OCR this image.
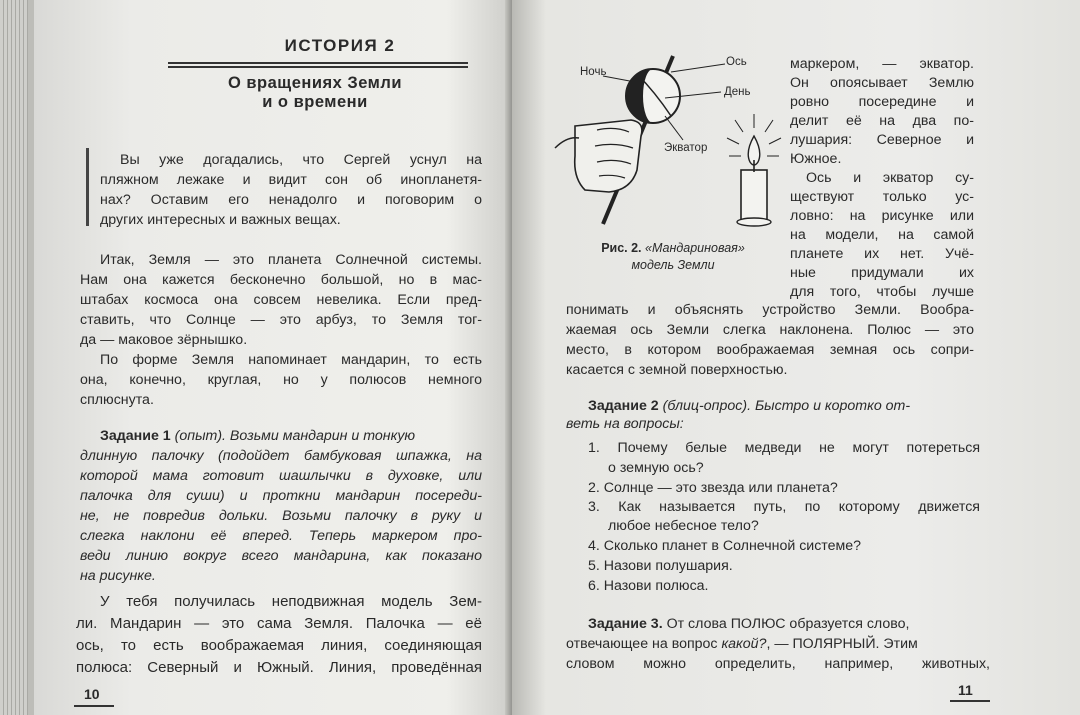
ИСТОРИЯ 2
О вращениях Земли
и о времени
Вы уже догадались, что Сергей уснул на
пляжном лежаке и видит сон об инопланетя-
нах? Оставим его ненадолго и поговорим о
других интересных и важных вещах.
Итак, Земля — это планета Солнечной системы.
Нам она кажется бесконечно большой, но в мас-
штабах космоса она совсем невелика. Если пред-
ставить, что Солнце — это арбуз, то Земля тог-
да — маковое зёрнышко.
По форме Земля напоминает мандарин, то есть
она, конечно, круглая, но у полюсов немного
сплюснута.
Задание 1 (опыт). Возьми мандарин и тонкую
длинную палочку (подойдет бамбуковая шпажка, на
которой мама готовит шашлычки в духовке, или
палочка для суши) и проткни мандарин посереди-
не, не повредив дольки. Возьми палочку в руку и
слегка наклони её вперед. Теперь маркером про-
веди линию вокруг всего мандарина, как показано
на рисунке.
У тебя получилась неподвижная модель Зем-
ли. Мандарин — это сама Земля. Палочка — её
ось, то есть воображаемая линия, соединяющая
полюса: Северный и Южный. Линия, проведённая
10
Ночь
Ось
День
Экватор
Рис. 2. «Мандариновая»
модель Земли
маркером, — экватор.
Он опоясывает Землю
ровно посередине и
делит её на два по-
лушария: Северное и
Южное.
Ось и экватор су-
ществуют только ус-
ловно: на рисунке или
на модели, на самой
планете их нет. Учё-
ные придумали их
для того, чтобы лучше
понимать и объяснять устройство Земли. Вообра-
жаемая ось Земли слегка наклонена. Полюс — это
место, в котором воображаемая земная ось сопри-
касается с земной поверхностью.
Задание 2 (блиц-опрос). Быстро и коротко от-
веть на вопросы:
1. Почему белые медведи не могут потереться
о земную ось?
2. Солнце — это звезда или планета?
3. Как называется путь, по которому движется
любое небесное тело?
4. Сколько планет в Солнечной системе?
5. Назови полушария.
6. Назови полюса.
Задание 3. От слова ПОЛЮС образуется слово,
отвечающее на вопрос какой?, — ПОЛЯРНЫЙ. Этим
словом можно определить, например, животных,
11
